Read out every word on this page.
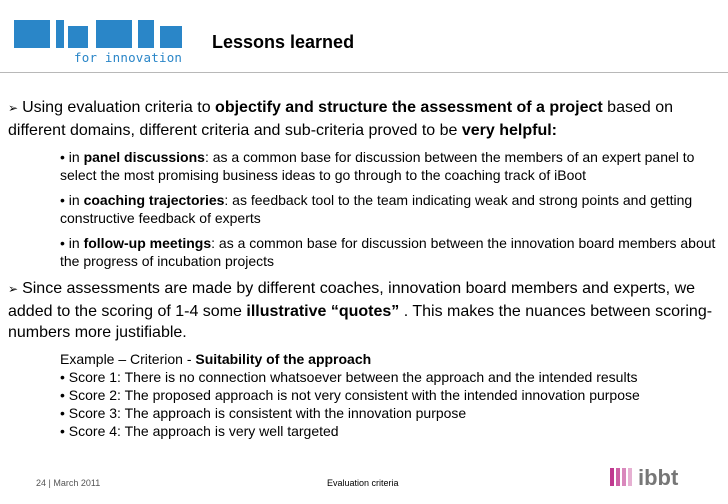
for innovation
Lessons learned
➢ Using evaluation criteria to objectify and structure the assessment of a project based on different domains, different criteria and sub-criteria proved to be very helpful:
• in panel discussions: as a common base for discussion between the members of an expert panel to select the most promising business ideas to go through to the coaching track of iBoot
• in coaching trajectories: as feedback tool to the team indicating weak and strong points and getting constructive feedback of experts
• in follow-up meetings: as a common base for discussion between the innovation board members about the progress of incubation projects
➢ Since assessments are made by different coaches, innovation board members and experts, we added to the scoring of 1-4 some illustrative “quotes” . This makes the nuances between scoring-numbers more justifiable.
Example – Criterion - Suitability of the approach
• Score 1: There is no connection whatsoever between the approach and the intended results
• Score 2: The proposed approach is not very consistent with the intended innovation purpose
• Score 3: The approach is consistent with the innovation purpose
• Score 4: The approach is very well targeted
24 | March 2011	Evaluation criteria	ibbt
